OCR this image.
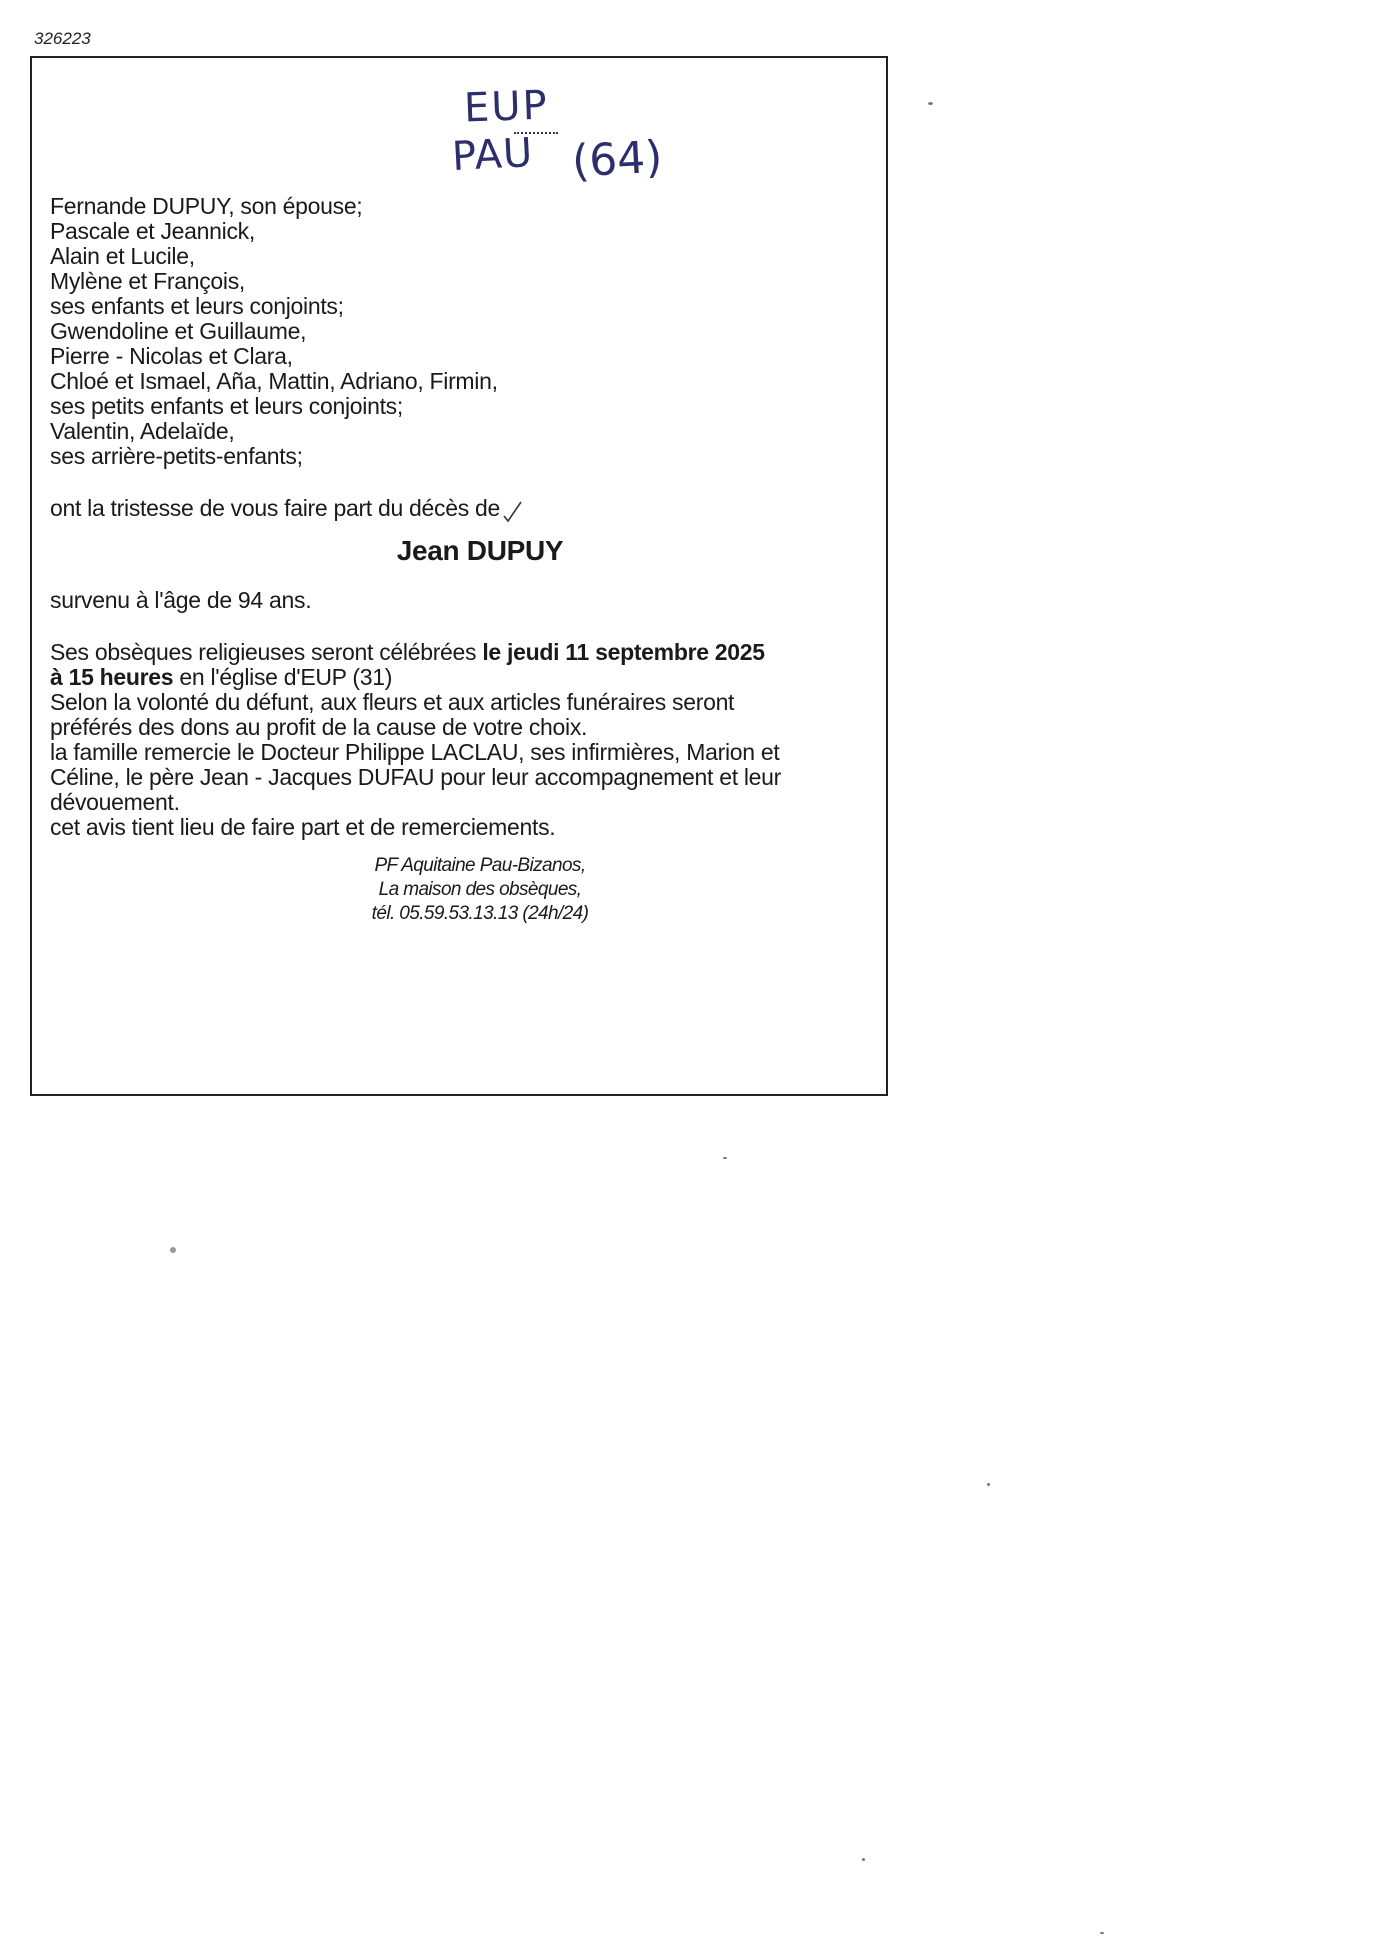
326223
EUP
PAU (64)
Fernande DUPUY, son épouse;
Pascale et Jeannick,
Alain et Lucile,
Mylène et François,
ses enfants et leurs conjoints;
Gwendoline et Guillaume,
Pierre - Nicolas et Clara,
Chloé et Ismael, Aña, Mattin, Adriano, Firmin,
ses petits enfants et leurs conjoints;
Valentin, Adelaïde,
ses arrière-petits-enfants;
ont la tristesse de vous faire part du décès de
Jean DUPUY
survenu à l'âge de 94 ans.
Ses obsèques religieuses seront célébrées le jeudi 11 septembre 2025
à 15 heures en l'église d'EUP (31)
Selon la volonté du défunt, aux fleurs et aux articles funéraires seront
préférés des dons au profit de la cause de votre choix.
la famille remercie le Docteur Philippe LACLAU, ses infirmières, Marion et
Céline, le père Jean - Jacques DUFAU pour leur accompagnement et leur
dévouement.
cet avis tient lieu de faire part et de remerciements.
PF Aquitaine Pau-Bizanos,
La maison des obsèques,
tél. 05.59.53.13.13 (24h/24)
